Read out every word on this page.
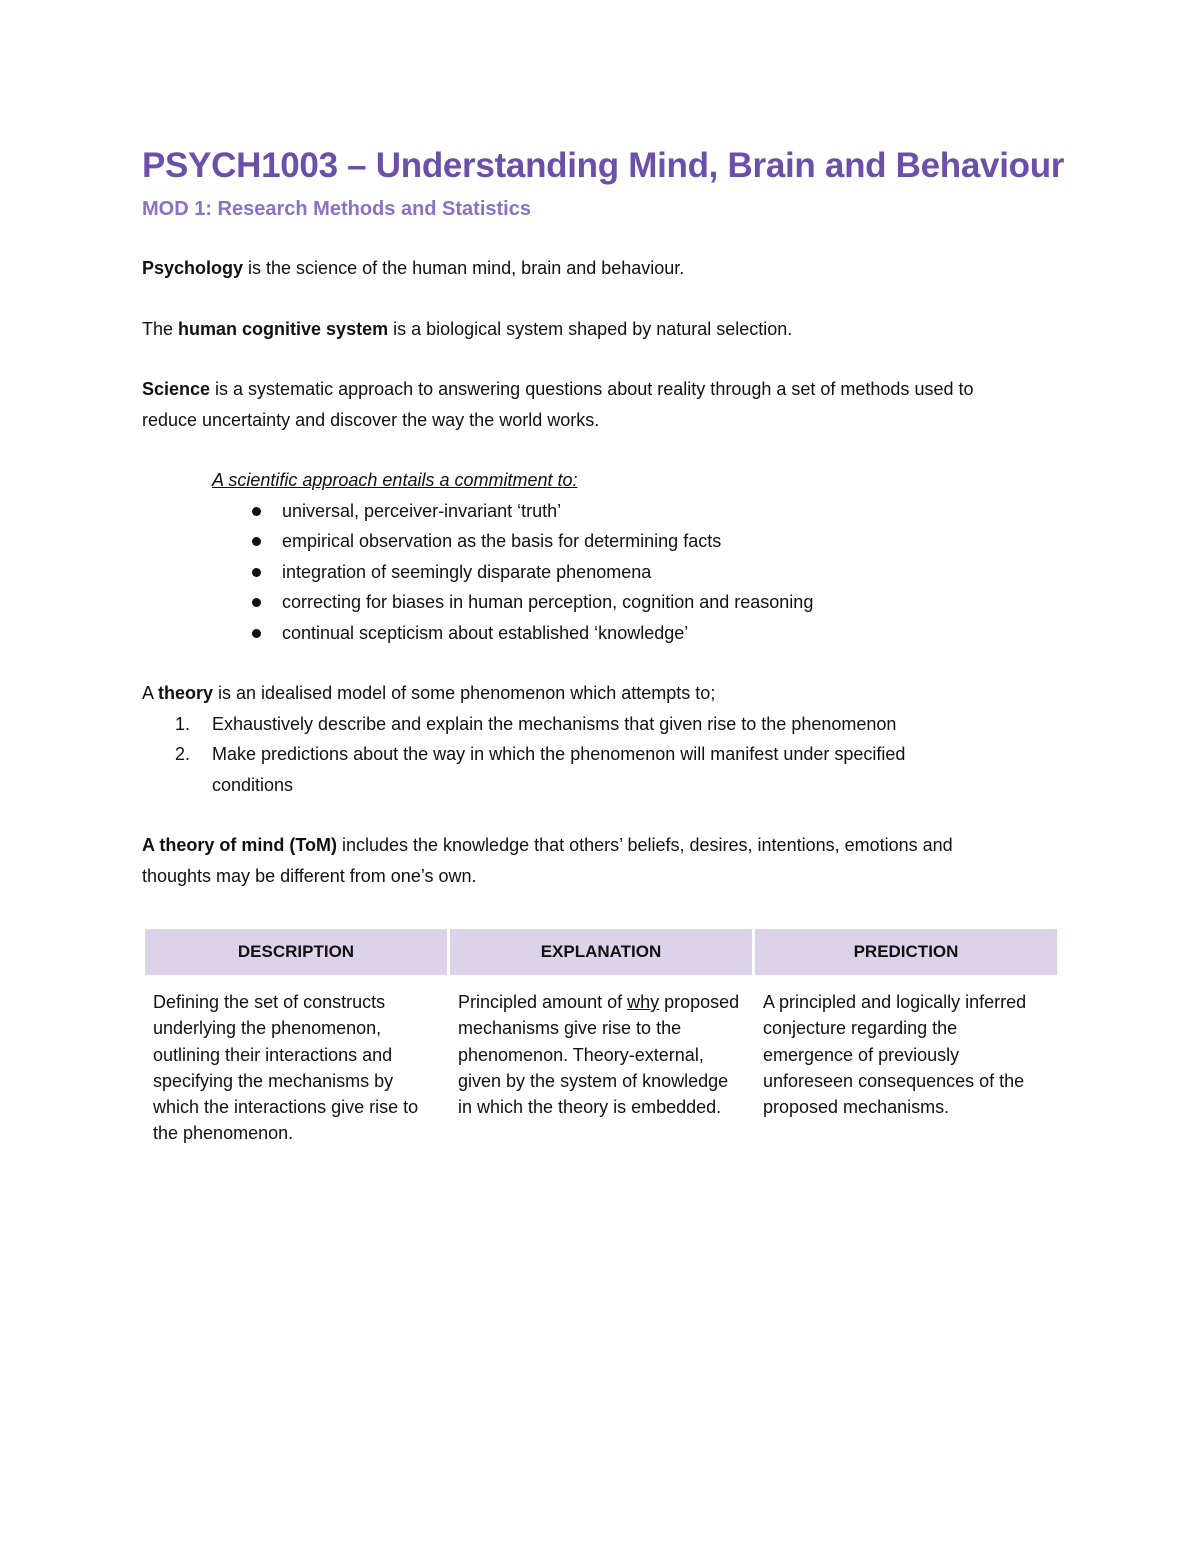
PSYCH1003 – Understanding Mind, Brain and Behaviour
MOD 1: Research Methods and Statistics

Psychology is the science of the human mind, brain and behaviour.

The human cognitive system is a biological system shaped by natural selection.

Science is a systematic approach to answering questions about reality through a set of methods used to
reduce uncertainty and discover the way the world works.

A scientific approach entails a commitment to:
universal, perceiver-invariant ‘truth’
empirical observation as the basis for determining facts
integration of seemingly disparate phenomena
correcting for biases in human perception, cognition and reasoning
continual scepticism about established ‘knowledge’

A theory is an idealised model of some phenomenon which attempts to;

1. Exhaustively describe and explain the mechanisms that given rise to the phenomenon
2. Make predictions about the way in which the phenomenon will manifest under specified
conditions

A theory of mind (ToM) includes the knowledge that others’ beliefs, desires, intentions, emotions and
thoughts may be different from one’s own.

DESCRIPTION	EXPLANATION	PREDICTION
Defining the set of constructs underlying the phenomenon, outlining their interactions and specifying the mechanisms by which the interactions give rise to the phenomenon.	Principled amount of why proposed mechanisms give rise to the phenomenon. Theory-external, given by the system of knowledge in which the theory is embedded.	A principled and logically inferred conjecture regarding the emergence of previously unforeseen consequences of the proposed mechanisms.
